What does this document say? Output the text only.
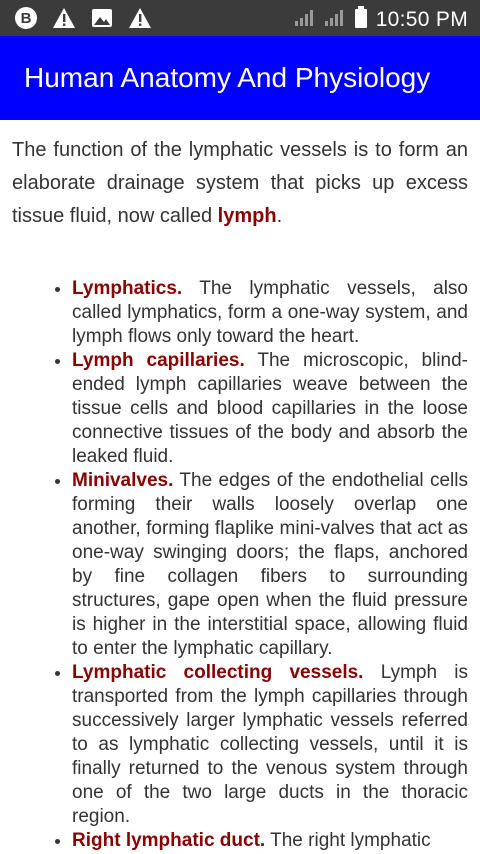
B	10:50 PM
Human Anatomy And Physiology

The function of the lymphatic vessels is to form an elaborate drainage system that picks up excess tissue fluid, now called lymph.

• Lymphatics. The lymphatic vessels, also called lymphatics, form a one-way system, and lymph flows only toward the heart.
• Lymph capillaries. The microscopic, blind-ended lymph capillaries weave between the tissue cells and blood capillaries in the loose connective tissues of the body and absorb the leaked fluid.
• Minivalves. The edges of the endothelial cells forming their walls loosely overlap one another, forming flaplike mini-valves that act as one-way swinging doors; the flaps, anchored by fine collagen fibers to surrounding structures, gape open when the fluid pressure is higher in the interstitial space, allowing fluid to enter the lymphatic capillary.
• Lymphatic collecting vessels. Lymph is transported from the lymph capillaries through successively larger lymphatic vessels referred to as lymphatic collecting vessels, until it is finally returned to the venous system through one of the two large ducts in the thoracic region.
• Right lymphatic duct. The right lymphatic
